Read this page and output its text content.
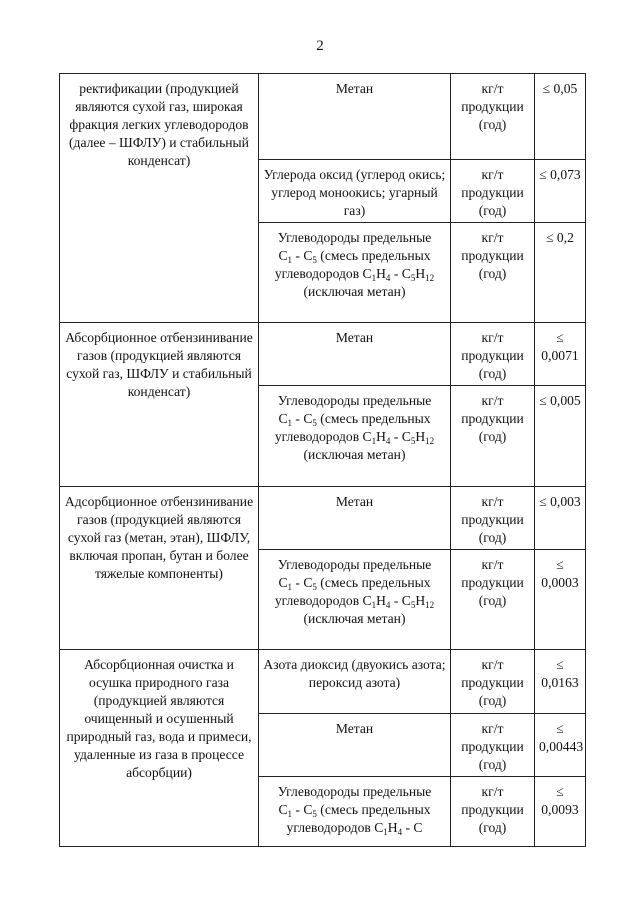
2
ректификации (продукцией являются сухой газ, широкая фракция легких углеводородов (далее – ШФЛУ) и стабильный конденсат)	Метан	кг/т продукции (год)	≤ 0,05
	Углерода оксид (углерод окись; углерод моноокись; угарный газ)	кг/т продукции (год)	≤ 0,073
	Углеводороды предельные
$C_1 - C_5$ (смесь предельных углеводородов $C_1H_4 - C_5H_{12}$
(исключая метан)	кг/т продукции (год)	≤ 0,2
Абсорбционное отбензинивание газов (продукцией являются сухой газ, ШФЛУ и стабильный конденсат)	Метан	кг/т продукции (год)	≤ 0,0071
	Углеводороды предельные
$C_1 - C_5$ (смесь предельных углеводородов $C_1H_4 - C_5H_{12}$
(исключая метан)	кг/т продукции (год)	≤ 0,005
Адсорбционное отбензинивание газов (продукцией являются сухой газ (метан, этан), ШФЛУ, включая пропан, бутан и более тяжелые компоненты)	Метан	кг/т продукции (год)	≤ 0,003
	Углеводороды предельные
$C_1 - C_5$ (смесь предельных углеводородов $C_1H_4 - C_5H_{12}$
(исключая метан)	кг/т продукции (год)	≤ 0,0003
Абсорбционная очистка и осушка природного газа (продукцией являются очищенный и осушенный природный газ, вода и примеси, удаленные из газа в процессе абсорбции)	Азота диоксид (двуокись азота; пероксид азота)	кг/т продукции (год)	≤ 0,0163
	Метан	кг/т продукции (год)	≤ 0,00443
	Углеводороды предельные
$C_1 - C_5$ (смесь предельных углеводородов $C_1H_4$ - C	кг/т продукции (год)	≤ 0,0093
